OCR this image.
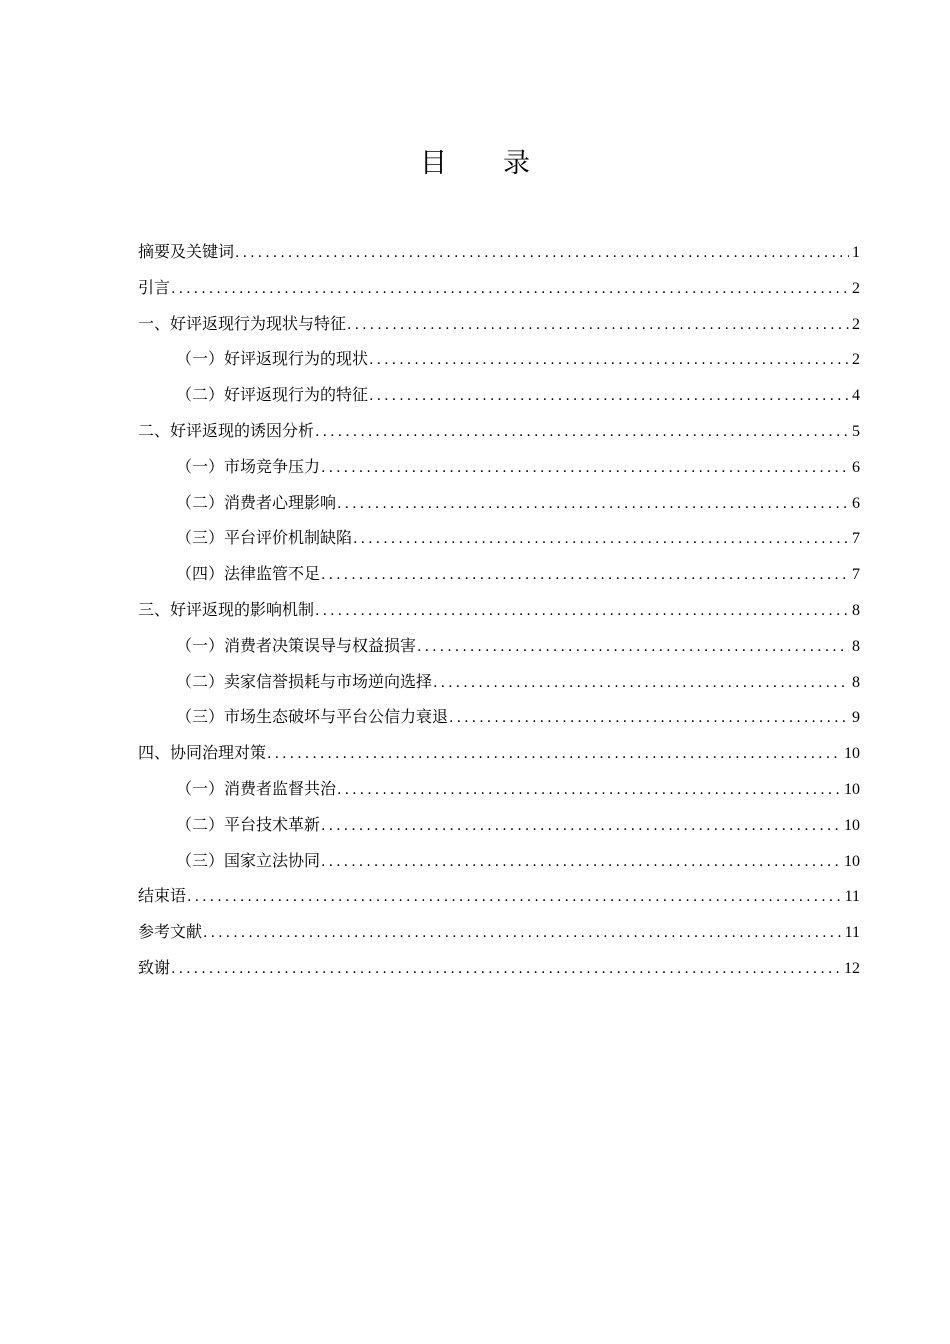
目 录
摘要及关键词 .....	1
引言 .....	2
一、好评返现行为现状与特征 .....	2
（一）好评返现行为的现状 .....	2
（二）好评返现行为的特征 .....	4
二、好评返现的诱因分析 .....	5
（一）市场竞争压力 .....	6
（二）消费者心理影响 .....	6
（三）平台评价机制缺陷 .....	7
（四）法律监管不足 .....	7
三、好评返现的影响机制 .....	8
（一）消费者决策误导与权益损害 .....	8
（二）卖家信誉损耗与市场逆向选择 .....	8
（三）市场生态破坏与平台公信力衰退 .....	9
四、协同治理对策 .....	10
（一）消费者监督共治 .....	10
（二）平台技术革新 .....	10
（三）国家立法协同 .....	10
结束语 .....	11
参考文献 .....	11
致谢 .....	12
